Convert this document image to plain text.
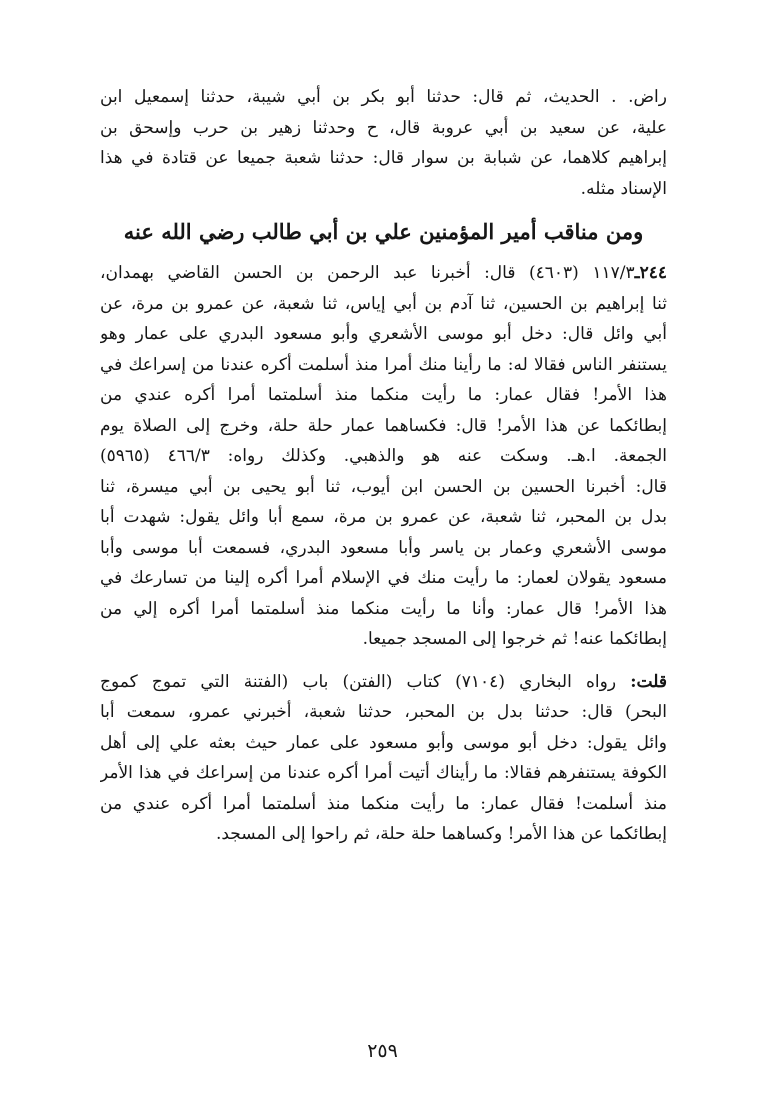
راض. . الحديث، ثم قال: حدثنا أبو بكر بن أبي شيبة، حدثنا إسمعيل ابن
علية، عن سعيد بن أبي عروبة قال، ح وحدثنا زهير بن حرب وإسحق بن
إبراهيم كلاهما، عن شبابة بن سوار قال: حدثنا شعبة جميعا عن قتادة في هذا
الإسناد مثله.
ومن مناقب أمير المؤمنين علي بن أبي طالب رضي الله عنه
٢٤٤ـ١١٧/٣ (٤٦٠٣) قال: أخبرنا عبد الرحمن بن الحسن القاضي بهمدان،
ثنا إبراهيم بن الحسين، ثنا آدم بن أبي إياس، ثنا شعبة، عن عمرو بن مرة، عن
أبي وائل قال: دخل أبو موسى الأشعري وأبو مسعود البدري على عمار وهو
يستنفر الناس فقالا له: ما رأينا منك أمرا منذ أسلمت أكره عندنا من إسراعك في
هذا الأمر! فقال عمار: ما رأيت منكما منذ أسلمتما أمرا أكره عندي من
إبطائكما عن هذا الأمر! قال: فكساهما عمار حلة حلة، وخرج إلى الصلاة يوم
الجمعة. ا.هـ. وسكت عنه هو والذهبي. وكذلك رواه: ٤٦٦/٣ (٥٩٦٥)
قال: أخبرنا الحسين بن الحسن ابن أيوب، ثنا أبو يحيى بن أبي ميسرة، ثنا
بدل بن المحبر، ثنا شعبة، عن عمرو بن مرة، سمع أبا وائل يقول: شهدت أبا
موسى الأشعري وعمار بن ياسر وأبا مسعود البدري، فسمعت أبا موسى وأبا
مسعود يقولان لعمار: ما رأيت منك في الإسلام أمرا أكره إلينا من تسارعك في
هذا الأمر! قال عمار: وأنا ما رأيت منكما منذ أسلمتما أمرا أكره إلي من
إبطائكما عنه! ثم خرجوا إلى المسجد جميعا.
قلت: رواه البخاري (٧١٠٤) كتاب (الفتن) باب (الفتنة التي تموج كموج
البحر) قال: حدثنا بدل بن المحبر، حدثنا شعبة، أخبرني عمرو، سمعت أبا
وائل يقول: دخل أبو موسى وأبو مسعود على عمار حيث بعثه علي إلى أهل
الكوفة يستنفرهم فقالا: ما رأيناك أتيت أمرا أكره عندنا من إسراعك في هذا الأمر
منذ أسلمت! فقال عمار: ما رأيت منكما منذ أسلمتما أمرا أكره عندي من
إبطائكما عن هذا الأمر! وكساهما حلة حلة، ثم راحوا إلى المسجد.
٢٥٩
